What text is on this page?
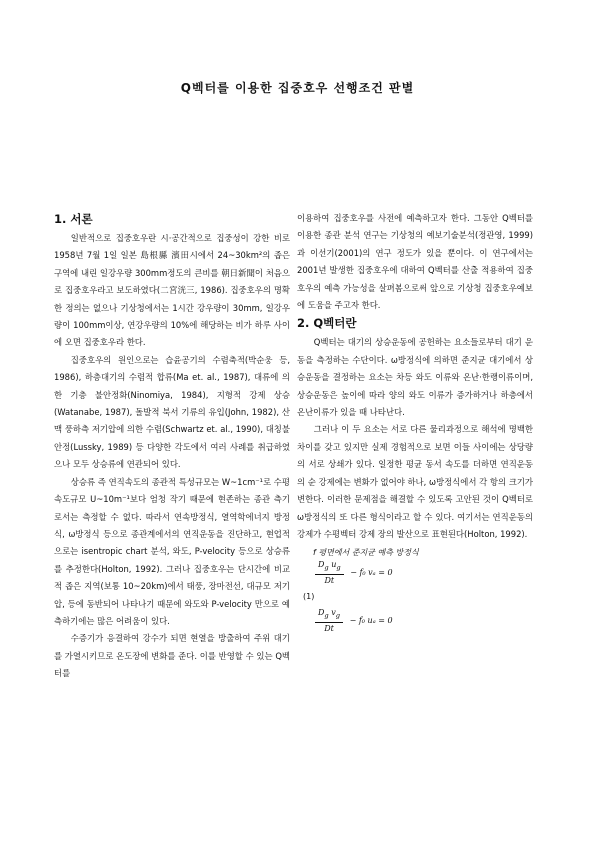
Q벡터를 이용한 집중호우 선행조건 판별
1. 서론

일반적으로 집중호우란 시·공간적으로 집중성이 강한 비로 1958년 7월 1일 일본 島根縣 濱田시에서 24~30km²의 좁은 구역에 내린 일강우량 300mm정도의 큰비를 朝日新聞이 처음으로 집중호우라고 보도하였다(二宮洸三, 1986). 집중호우의 명확한 정의는 없으나 기상청에서는 1시간 강우량이 30mm, 일강우량이 100mm이상, 연강우량의 10%에 해당하는 비가 하루 사이에 오면 집중호우라 한다.

집중호우의 원인으로는 습윤공기의 수렴축적(박순웅 등, 1986), 하층대기의 수렴적 합류(Ma et. al., 1987), 대류에 의한 기층 불안정화(Ninomiya, 1984), 지형적 강제 상승(Watanabe, 1987), 돌발적 북서 기류의 유입(John, 1982), 산맥 풍하측 저기압에 의한 수렴(Schwartz et. al., 1990), 대칭불안정(Lussky, 1989) 등 다양한 각도에서 여러 사례를 취급하였으나 모두 상승류에 연관되어 있다.

상승류 즉 연직속도의 종관적 특성규모는 W~1cm⁻¹로 수평속도규모 U~10m⁻¹보다 엄청 작기 때문에 현존하는 종관 측기로서는 측정할 수 없다. 따라서 연속방정식, 열역학에너지 방정식, ω방정식 등으로 종관계에서의 연직운동을 진단하고, 현업적으로는 isentropic chart 분석, 와도, P-velocity 등으로 상승류를 추정한다(Holton, 1992). 그러나 집중호우는 단시간에 비교적 좁은 지역(보통 10~20km)에서 태풍, 장마전선, 대규모 저기압, 등에 동반되어 나타나기 때문에 와도와 P-velocity 만으로 예측하기에는 많은 어려움이 있다.

수증기가 응결하여 강수가 되면 현열을 방출하여 주위 대기를 가열시키므로 온도장에 변화를 준다. 이를 반영할 수 있는 Q벡터를

이용하여 집중호우를 사전에 예측하고자 한다. 그동안 Q벡터를 이용한 종관 분석 연구는 기상청의 예보기술분석(정관영, 1999)과 이선기(2001)의 연구 정도가 있을 뿐이다. 이 연구에서는 2001년 발생한 집중호우에 대하여 Q벡터를 산출 적용하여 집중호우의 예측 가능성을 살펴봄으로써 앞으로 기상청 집중호우예보에 도움을 주고자 한다.

2. Q벡터란

Q벡터는 대기의 상승운동에 공헌하는 요소들로부터 대기 운동을 측정하는 수단이다. ω방정식에 의하면 준지균 대기에서 상승운동을 결정하는 요소는 차등 와도 이류와 온난·한랭이류이며, 상승운동은 높이에 따라 양의 와도 이류가 증가하거나 하층에서 온난이류가 있을 때 나타난다.

그러나 이 두 요소는 서로 다른 물리과정으로 해석에 명백한 차이를 갖고 있지만 실제 경험적으로 보면 이들 사이에는 상당량의 서로 상쇄가 있다. 일정한 평균 동서 속도를 더하면 연직운동의 순 강제에는 변화가 없어야 하나, ω방정식에서 각 항의 크기가 변한다. 이러한 문제점을 해결할 수 있도록 고안된 것이 Q벡터로 ω방정식의 또 다른 형식이라고 할 수 있다. 여기서는 연직운동의 강제가 수평벡터 강제 장의 발산으로 표현된다(Holton, 1992).

f 평면에서 준지균 예측 방정식
$\frac{D_g u_g}{Dt} - f_0$ vₐ = 0
(1)
$\frac{D_g v_g}{Dt} - f_0$ uₐ = 0
